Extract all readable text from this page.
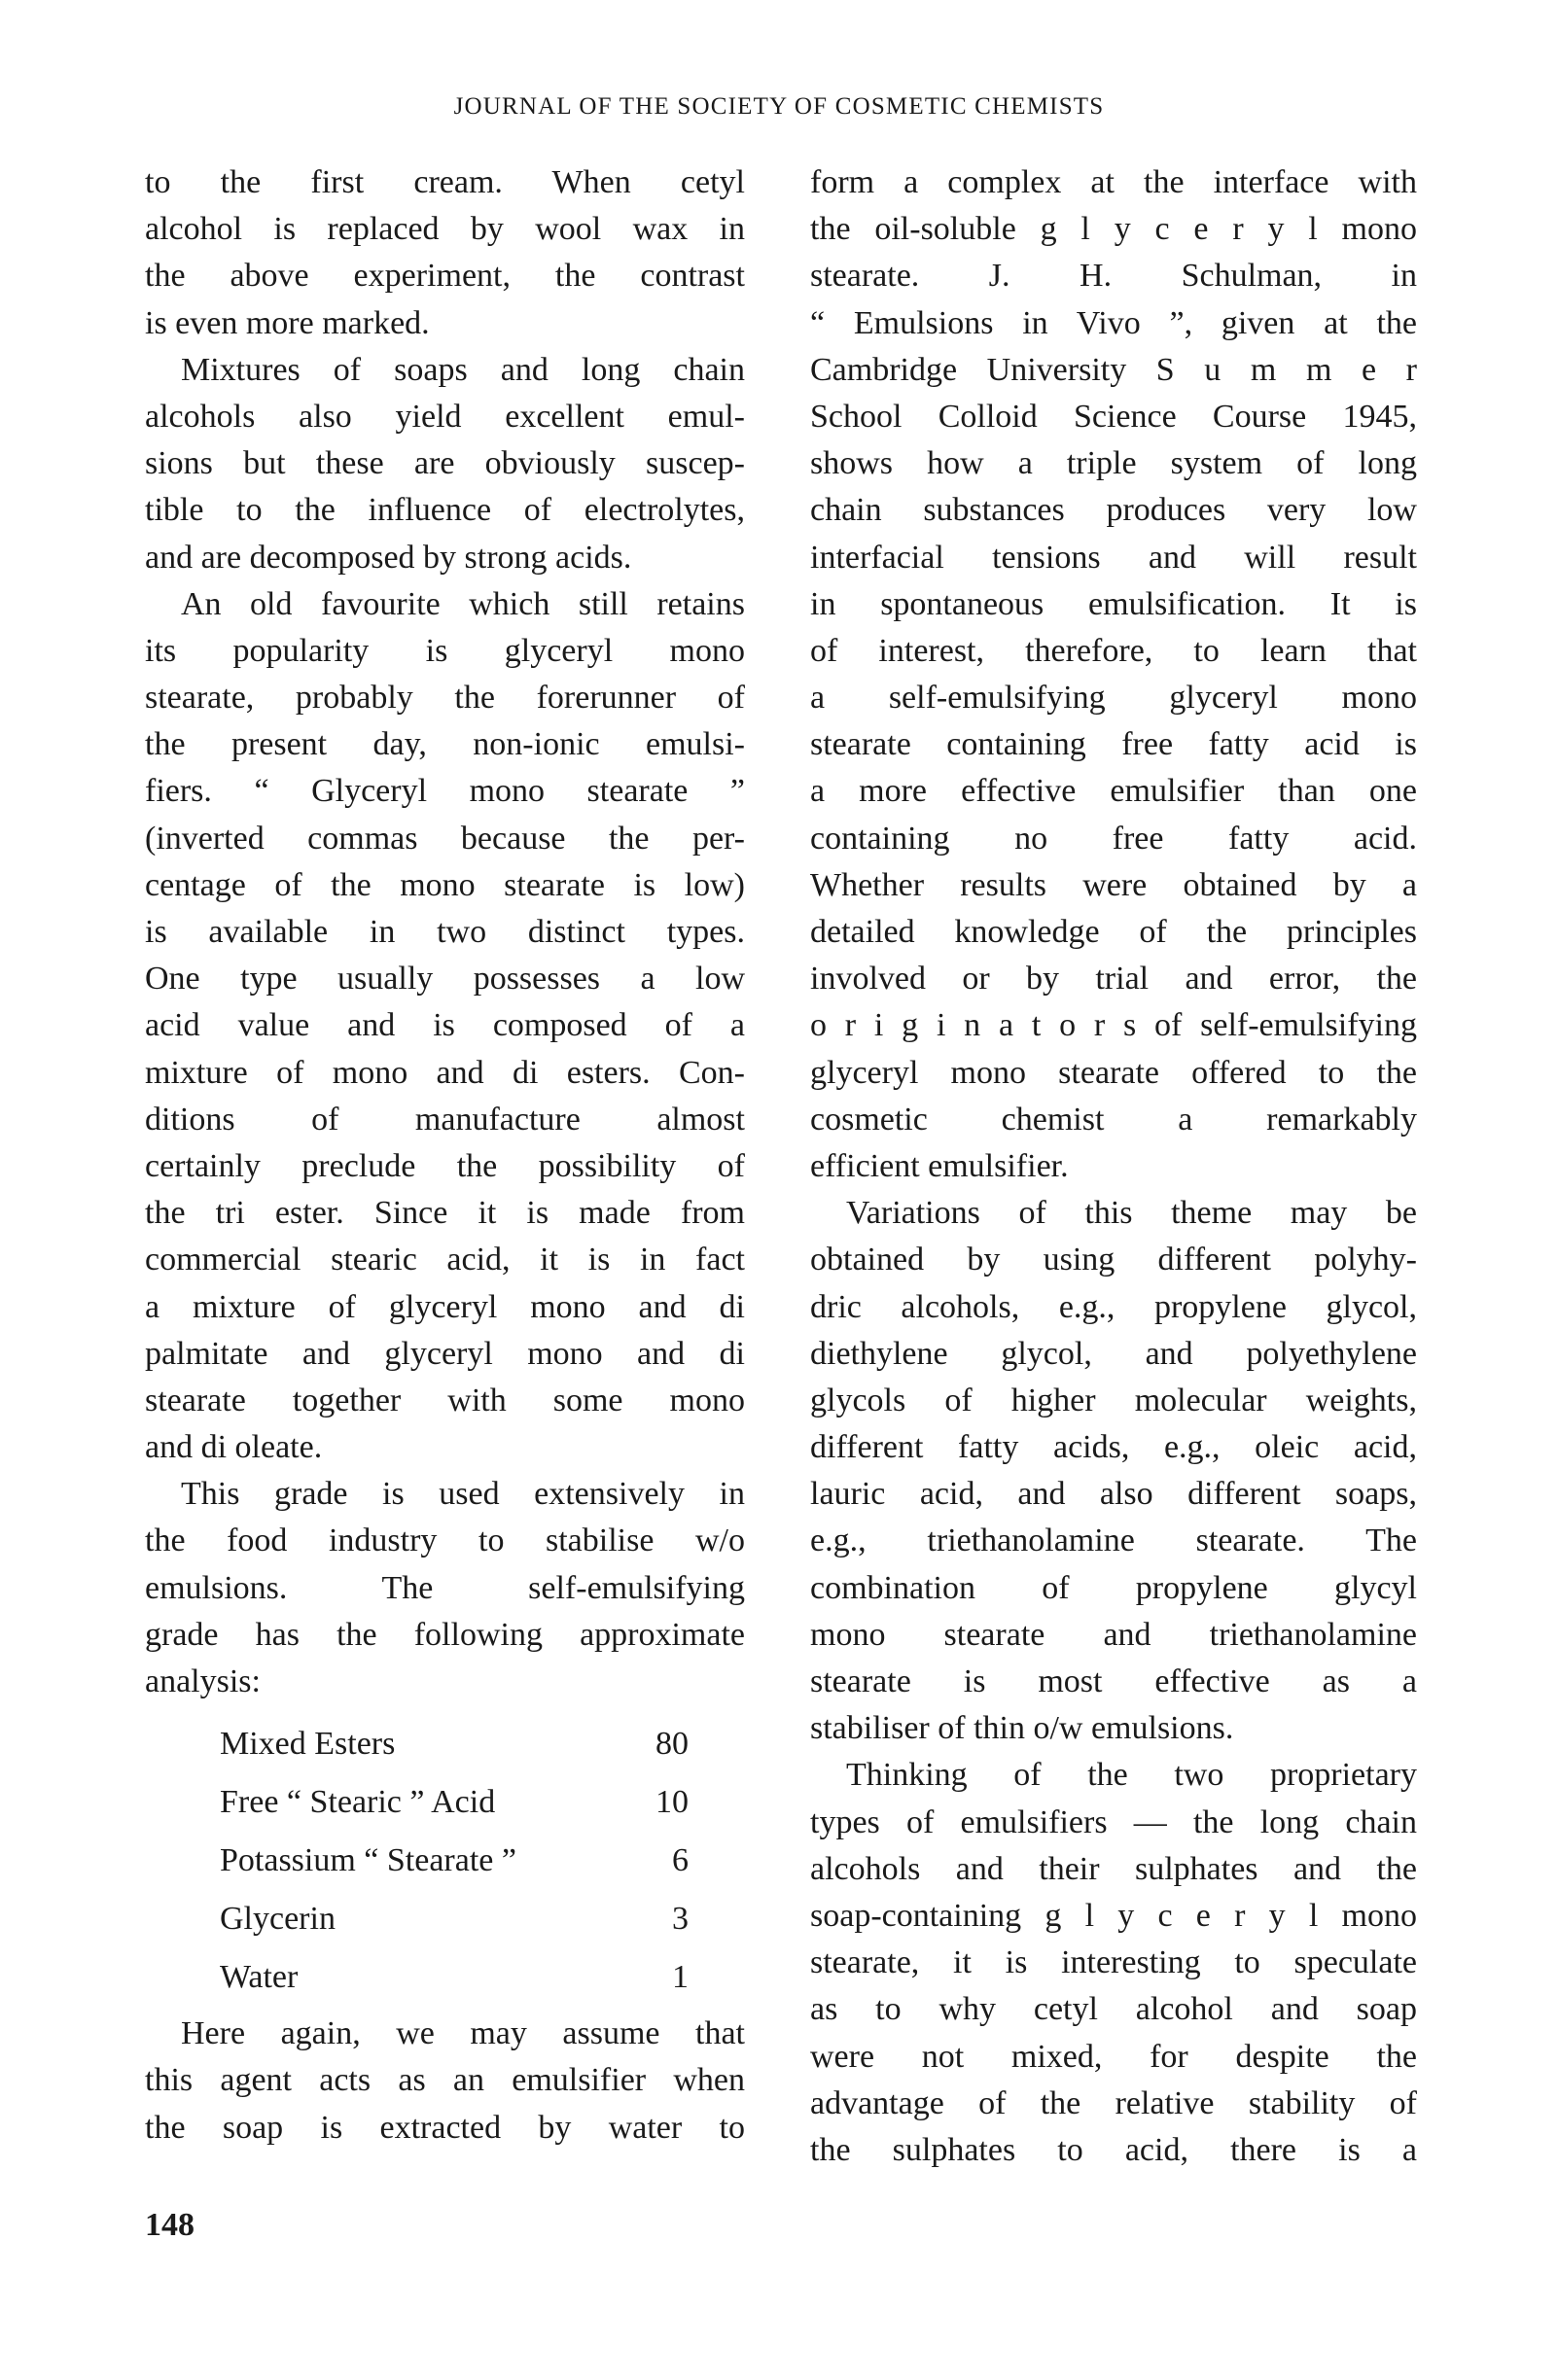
JOURNAL OF THE SOCIETY OF COSMETIC CHEMISTS
to the first cream. When cetyl
alcohol is replaced by wool wax in
the above experiment, the contrast
is even more marked.
Mixtures of soaps and long chain
alcohols also yield excellent emul-
sions but these are obviously suscep-
tible to the influence of electrolytes,
and are decomposed by strong acids.
An old favourite which still retains
its popularity is glyceryl mono
stearate, probably the forerunner of
the present day, non-ionic emulsi-
fiers. “ Glyceryl mono stearate ”
(inverted commas because the per-
centage of the mono stearate is low)
is available in two distinct types.
One type usually possesses a low
acid value and is composed of a
mixture of mono and di esters. Con-
ditions of manufacture almost
certainly preclude the possibility of
the tri ester. Since it is made from
commercial stearic acid, it is in fact
a mixture of glyceryl mono and di
palmitate and glyceryl mono and di
stearate together with some mono
and di oleate.
This grade is used extensively in
the food industry to stabilise w/o
emulsions. The self-emulsifying
grade has the following approximate
analysis:
Mixed Esters	80
Free “ Stearic ” Acid	10
Potassium “ Stearate ”	6
Glycerin	3
Water	1
Here again, we may assume that
this agent acts as an emulsifier when
the soap is extracted by water to
form a complex at the interface with
the oil-soluble g l y c e r y l mono
stearate. J. H. Schulman, in
“ Emulsions in Vivo ”, given at the
Cambridge University S u m m e r
School Colloid Science Course 1945,
shows how a triple system of long
chain substances produces very low
interfacial tensions and will result
in spontaneous emulsification. It is
of interest, therefore, to learn that
a self-emulsifying glyceryl mono
stearate containing free fatty acid is
a more effective emulsifier than one
containing no free fatty acid.
Whether results were obtained by a
detailed knowledge of the principles
involved or by trial and error, the
o r i g i n a t o r s of self-emulsifying
glyceryl mono stearate offered to the
cosmetic chemist a remarkably
efficient emulsifier.
Variations of this theme may be
obtained by using different polyhy-
dric alcohols, e.g., propylene glycol,
diethylene glycol, and polyethylene
glycols of higher molecular weights,
different fatty acids, e.g., oleic acid,
lauric acid, and also different soaps,
e.g., triethanolamine stearate. The
combination of propylene glycyl
mono stearate and triethanolamine
stearate is most effective as a
stabiliser of thin o/w emulsions.
Thinking of the two proprietary
types of emulsifiers — the long chain
alcohols and their sulphates and the
soap-containing g l y c e r y l mono
stearate, it is interesting to speculate
as to why cetyl alcohol and soap
were not mixed, for despite the
advantage of the relative stability of
the sulphates to acid, there is a
148
